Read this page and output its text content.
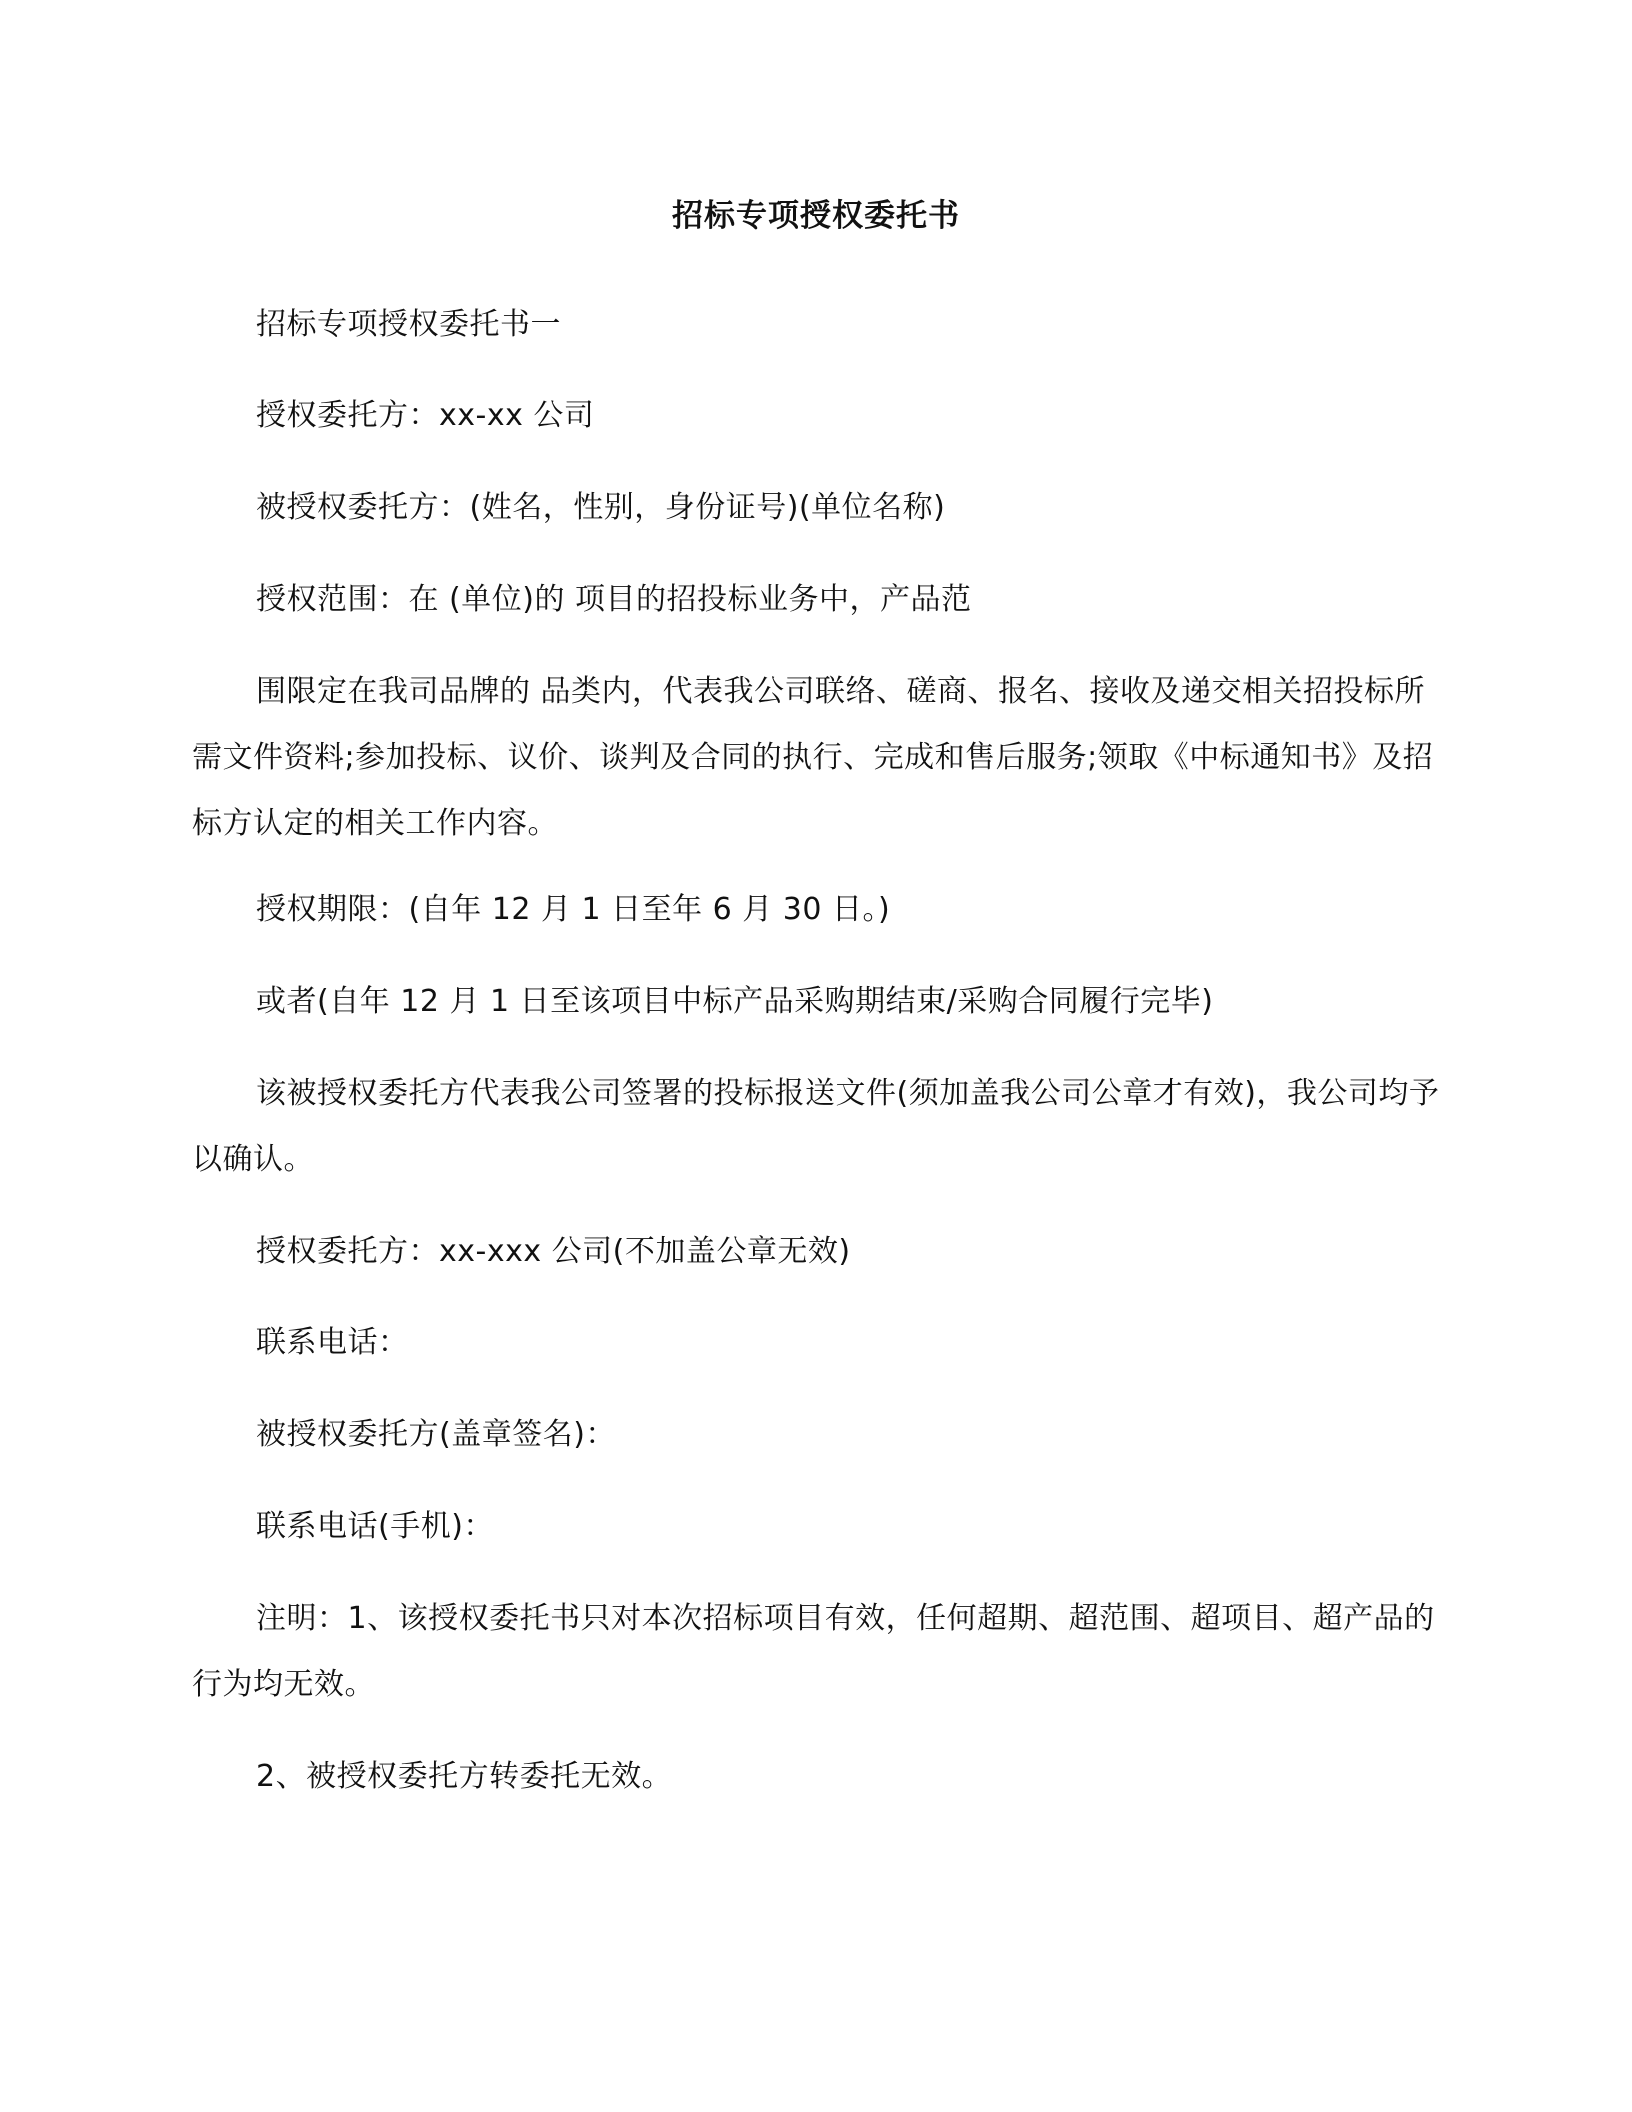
招标专项授权委托书
招标专项授权委托书一
授权委托方：xx-xx 公司
被授权委托方：(姓名，性别，身份证号)(单位名称)
授权范围：在 (单位)的 项目的招投标业务中，产品范
围限定在我司品牌的 品类内，代表我公司联络、磋商、报名、接收及递交相关招投标所需文件资料;参加投标、议价、谈判及合同的执行、完成和售后服务;领取《中标通知书》及招标方认定的相关工作内容。
授权期限：(自年 12 月 1 日至年 6 月 30 日。)
或者(自年 12 月 1 日至该项目中标产品采购期结束/采购合同履行完毕)
该被授权委托方代表我公司签署的投标报送文件(须加盖我公司公章才有效)，我公司均予以确认。
授权委托方：xx-xxx 公司(不加盖公章无效)
联系电话：
被授权委托方(盖章签名)：
联系电话(手机)：
注明：1、该授权委托书只对本次招标项目有效，任何超期、超范围、超项目、超产品的行为均无效。
2、被授权委托方转委托无效。
